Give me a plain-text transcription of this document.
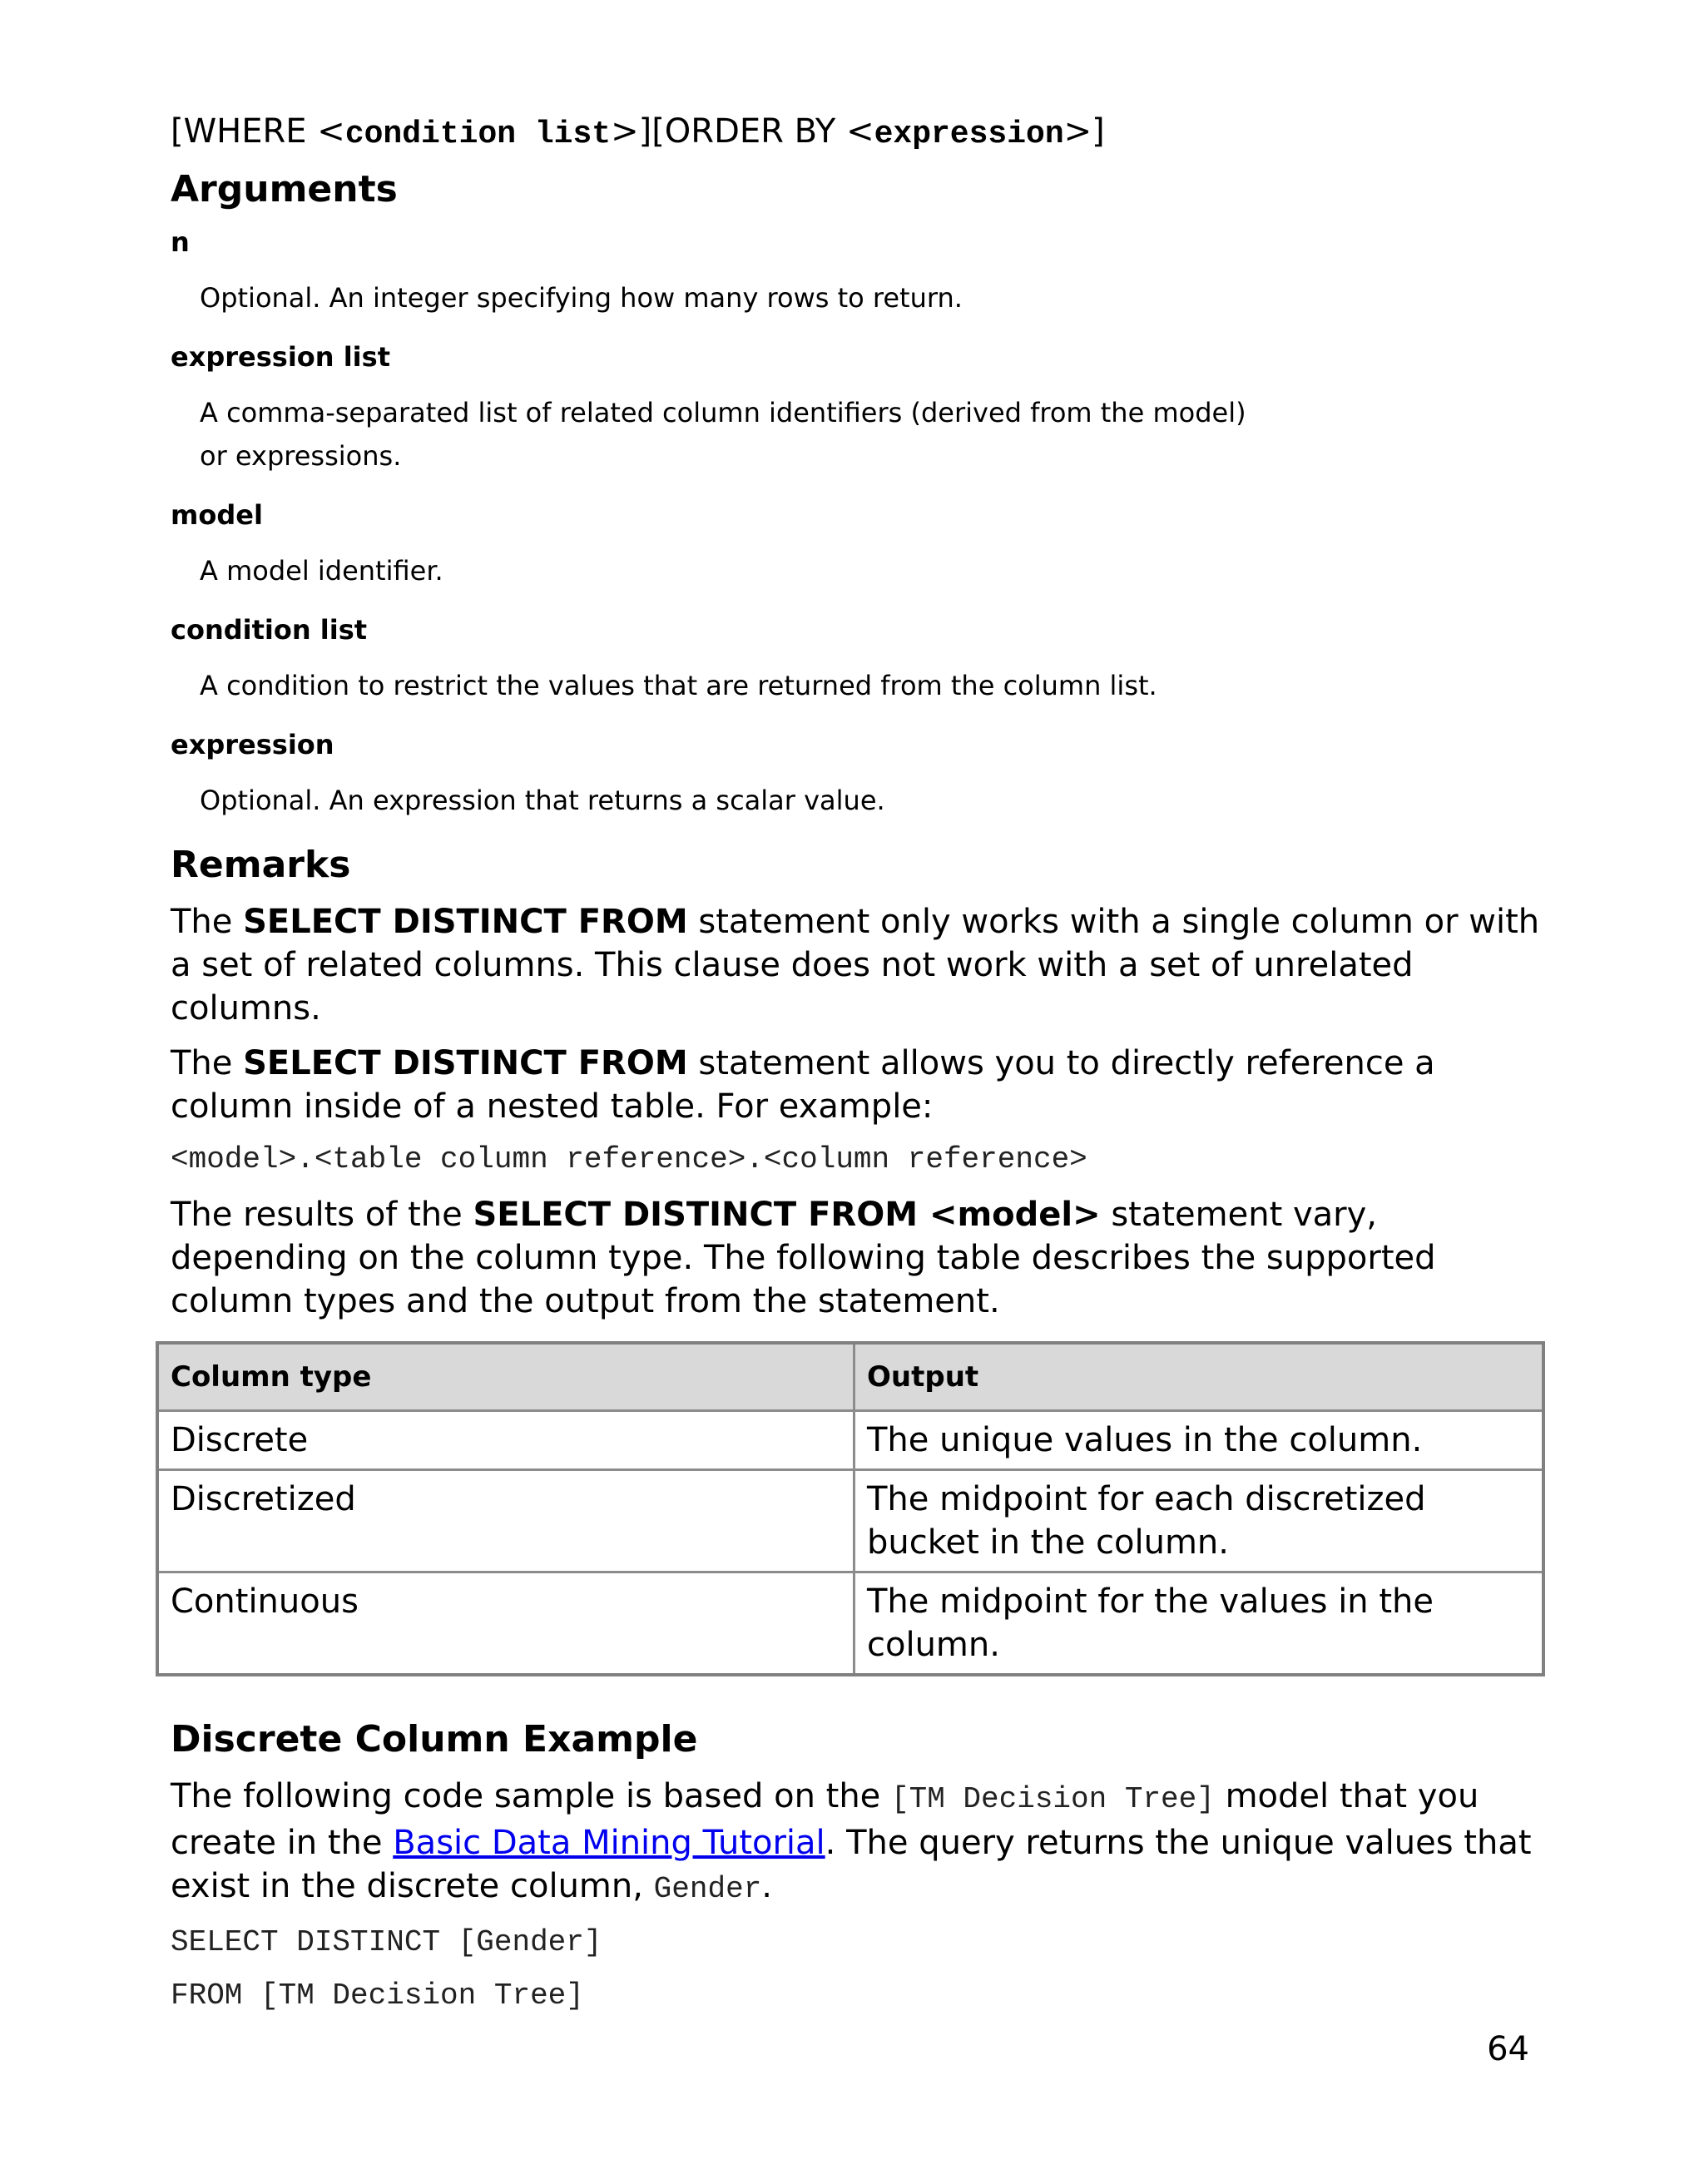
[WHERE <condition list>][ORDER BY <expression>]

Arguments
n
Optional. An integer specifying how many rows to return.
expression list
A comma-separated list of related column identifiers (derived from the model) or expressions.
model
A model identifier.
condition list
A condition to restrict the values that are returned from the column list.
expression
Optional. An expression that returns a scalar value.
Remarks

The SELECT DISTINCT FROM statement only works with a single column or with a set of related columns. This clause does not work with a set of unrelated columns.

The SELECT DISTINCT FROM statement allows you to directly reference a column inside of a nested table. For example:

<model>.<table column reference>.<column reference>

The results of the SELECT DISTINCT FROM <model> statement vary, depending on the column type. The following table describes the supported column types and the output from the statement.

Column type	Output
Discrete	The unique values in the column.
Discretized	The midpoint for each discretized bucket in the column.
Continuous	The midpoint for the values in the column.
Discrete Column Example

The following code sample is based on the [TM Decision Tree] model that you create in the Basic Data Mining Tutorial. The query returns the unique values that exist in the discrete column, Gender.

SELECT DISTINCT [Gender]

FROM [TM Decision Tree]

64
